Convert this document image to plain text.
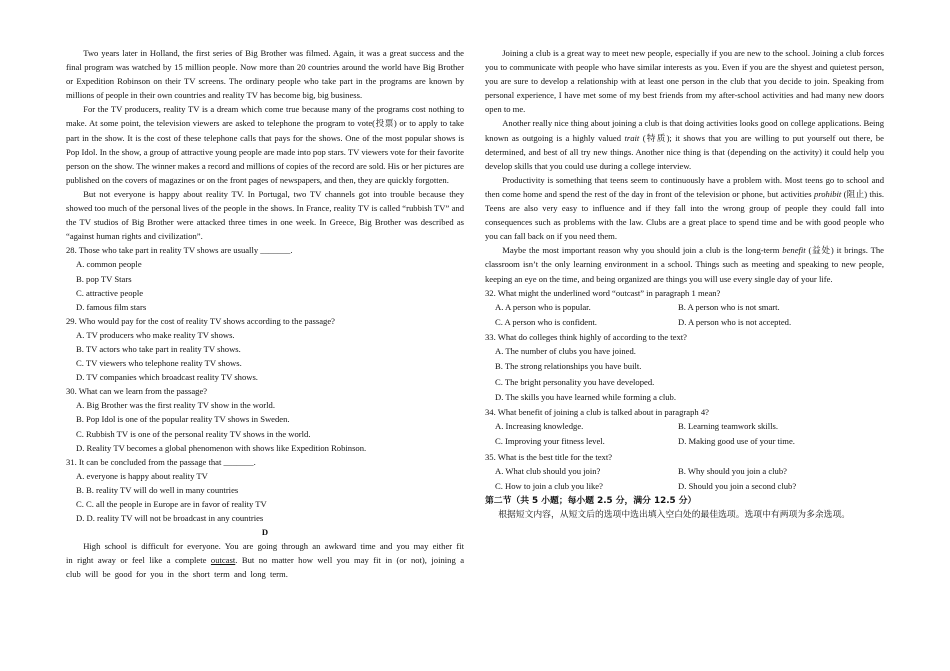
Two years later in Holland, the first series of Big Brother was filmed. Again, it was a great success and the final program was watched by 15 million people. Now more than 20 countries around the world have Big Brother or Expedition Robinson on their TV screens. The ordinary people who take part in the programs are known by millions of people in their own countries and reality TV has become big, big business.

For the TV producers, reality TV is a dream which come true because many of the programs cost nothing to make. At some point, the television viewers are asked to telephone the program to vote(投票) or to apply to take part in the show. It is the cost of these telephone calls that pays for the shows. One of the most popular shows is Pop Idol. In the show, a group of attractive young people are made into pop stars. TV viewers vote for their favorite person on the show. The winner makes a record and millions of copies of the record are sold. His or her pictures are published on the covers of magazines or on the front pages of newspapers, and then, they are quickly forgotten.

But not everyone is happy about reality TV. In Portugal, two TV channels got into trouble because they showed too much of the personal lives of the people in the shows. In France, reality TV is called “rubbish TV” and the TV studios of Big Brother were attacked three times in one week. In Greece, Big Brother was described as “against human rights and civilization”.

28. Those who take part in reality TV shows are usually _______.

A. common people

B. pop TV Stars

C. attractive people

D. famous film stars

29. Who would pay for the cost of reality TV shows according to the passage?

A. TV producers who make reality TV shows.

B. TV actors who take part in reality TV shows.

C. TV viewers who telephone reality TV shows.

D. TV companies which broadcast reality TV shows.

30. What can we learn from the passage?

A. Big Brother was the first reality TV show in the world.

B. Pop Idol is one of the popular reality TV shows in Sweden.

C. Rubbish TV is one of the personal reality TV shows in the world.

D. Reality TV becomes a global phenomenon with shows like Expedition Robinson.

31. It can be concluded from the passage that _______.

A. everyone is happy about reality TV

B. B. reality TV will do well in many countries

C. C. all the people in Europe are in favor of reality TV

D. D. reality TV will not be broadcast in any countries

D

High school is difficult for everyone. You are going through an awkward time and you may either fit in right away or feel like a complete outcast. But no matter how well you may fit in (or not), joining a club will be good for you in the short term and long term.

Joining a club is a great way to meet new people, especially if you are new to the school. Joining a club forces you to communicate with people who have similar interests as you. Even if you are the shyest and quietest person, you are sure to develop a relationship with at least one person in the club that you decide to join. Speaking from personal experience, I have met some of my best friends from my after-school activities and had many new doors open to me.

Another really nice thing about joining a club is that doing activities looks good on college applications. Being known as outgoing is a highly valued trait (特质); it shows that you are willing to put yourself out there, be determined, and best of all try new things. Another nice thing is that (depending on the activity) it could help you develop skills that you could use during a college interview.

Productivity is something that teens seem to continuously have a problem with. Most teens go to school and then come home and spend the rest of the day in front of the television or phone, but activities prohibit (阻止) this. Teens are also very easy to influence and if they fall into the wrong group of people they could fall into consequences such as problems with the law. Clubs are a great place to spend time and be with good people who you can fall back on if you need them.

Maybe the most important reason why you should join a club is the long-term benefit (益处) it brings. The classroom isn’t the only learning environment in a school. Things such as meeting and speaking to new people, keeping an eye on the time, and being organized are things you will use every single day of your life.

32. What might the underlined word “outcast” in paragraph 1 mean?

A. A person who is popular.	B. A person who is not smart.
C. A person who is confident.	D. A person who is not accepted.

33. What do colleges think highly of according to the text?

A. The number of clubs you have joined.
B. The strong relationships you have built.
C. The bright personality you have developed.
D. The skills you have learned while forming a club.

34. What benefit of joining a club is talked about in paragraph 4?

A. Increasing knowledge.	B. Learning teamwork skills.
C. Improving your fitness level.	D. Making good use of your time.

35. What is the best title for the text?

A. What club should you join?	B. Why should you join a club?
C. How to join a club you like?	D. Should you join a second club?

第二节（共 5 小题；每小题 2.5 分，满分 12.5 分）

根据短文内容，从短文后的选项中选出填入空白处的最佳选项。选项中有两项为多余选项。
